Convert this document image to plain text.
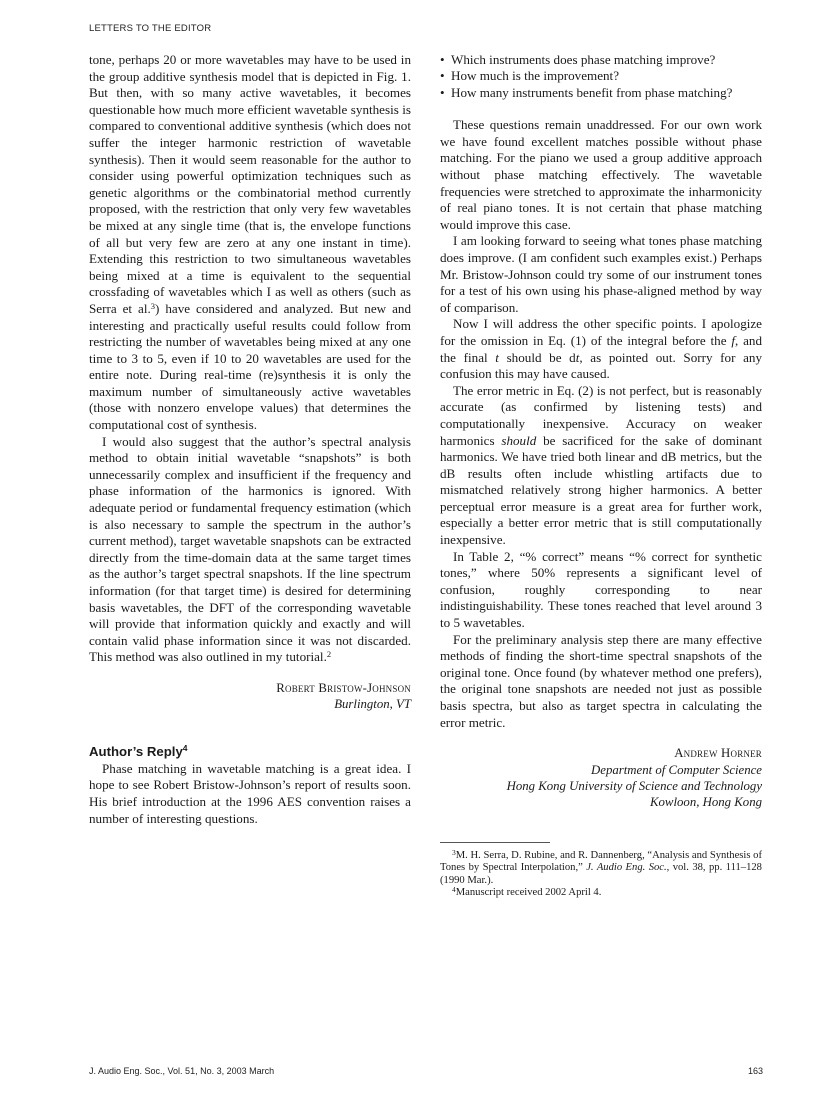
LETTERS TO THE EDITOR

tone, perhaps 20 or more wavetables may have to be used in the group additive synthesis model that is depicted in Fig. 1. But then, with so many active wavetables, it becomes questionable how much more efficient wavetable synthesis is compared to conventional additive synthesis (which does not suffer the integer harmonic restriction of wavetable synthesis). Then it would seem reasonable for the author to consider using powerful optimization techniques such as genetic algorithms or the combinatorial method currently proposed, with the restriction that only very few wavetables be mixed at any single time (that is, the envelope functions of all but very few are zero at any one instant in time). Extending this restriction to two simultaneous wavetables being mixed at a time is equivalent to the sequential crossfading of wavetables which I as well as others (such as Serra et al.$^3$) have considered and analyzed. But new and interesting and practically useful results could follow from restricting the number of wavetables being mixed at any one time to 3 to 5, even if 10 to 20 wavetables are used for the entire note. During real-time (re)synthesis it is only the maximum number of simultaneously active wavetables (those with nonzero envelope values) that determines the computational cost of synthesis.

I would also suggest that the author’s spectral analysis method to obtain initial wavetable “snapshots” is both unnecessarily complex and insufficient if the frequency and phase information of the harmonics is ignored. With adequate period or fundamental frequency estimation (which is also necessary to sample the spectrum in the author’s current method), target wavetable snapshots can be extracted directly from the time-domain data at the same target times as the author’s target spectral snapshots. If the line spectrum information (for that target time) is desired for determining basis wavetables, the DFT of the corresponding wavetable will provide that information quickly and exactly and will contain valid phase information since it was not discarded. This method was also outlined in my tutorial.$^2$

Robert Bristow-Johnson
Burlington, VT
Author’s Reply$^4$

Phase matching in wavetable matching is a great idea. I hope to see Robert Bristow-Johnson’s report of results soon. His brief introduction at the 1996 AES convention raises a number of interesting questions.

• Which instruments does phase matching improve?
• How much is the improvement?
• How many instruments benefit from phase matching?

These questions remain unaddressed. For our own work we have found excellent matches possible without phase matching. For the piano we used a group additive approach without phase matching effectively. The wavetable frequencies were stretched to approximate the inharmonicity of real piano tones. It is not certain that phase matching would improve this case.

I am looking forward to seeing what tones phase matching does improve. (I am confident such examples exist.) Perhaps Mr. Bristow-Johnson could try some of our instrument tones for a test of his own using his phase-aligned method by way of comparison.

Now I will address the other specific points. I apologize for the omission in Eq. (1) of the integral before the f, and the final t should be dt, as pointed out. Sorry for any confusion this may have caused.

The error metric in Eq. (2) is not perfect, but is reasonably accurate (as confirmed by listening tests) and computationally inexpensive. Accuracy on weaker harmonics should be sacrificed for the sake of dominant harmonics. We have tried both linear and dB metrics, but the dB results often include whistling artifacts due to mismatched relatively strong higher harmonics. A better perceptual error measure is a great area for further work, especially a better error metric that is still computationally inexpensive.

In Table 2, “% correct” means “% correct for synthetic tones,” where 50% represents a significant level of confusion, roughly corresponding to near indistinguishability. These tones reached that level around 3 to 5 wavetables.

For the preliminary analysis step there are many effective methods of finding the short-time spectral snapshots of the original tone. Once found (by whatever method one prefers), the original tone snapshots are needed not just as possible basis spectra, but also as target spectra in calculating the error metric.

Andrew Horner
Department of Computer Science
Hong Kong University of Science and Technology
Kowloon, Hong Kong

$^3$M. H. Serra, D. Rubine, and R. Dannenberg, “Analysis and Synthesis of Tones by Spectral Interpolation,” J. Audio Eng. Soc., vol. 38, pp. 111–128 (1990 Mar.).

$^4$Manuscript received 2002 April 4.

J. Audio Eng. Soc., Vol. 51, No. 3, 2003 March	163
